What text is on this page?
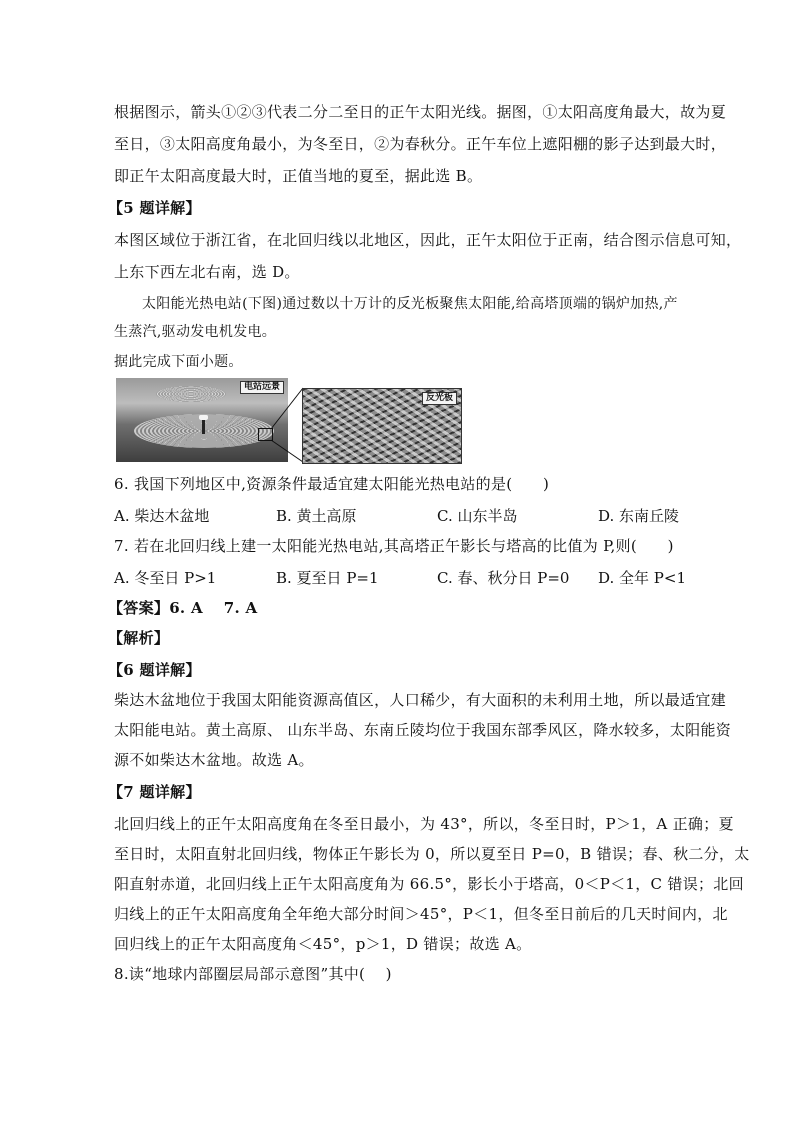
根据图示，箭头①②③代表二分二至日的正午太阳光线。据图，①太阳高度角最大，故为夏
至日，③太阳高度角最小，为冬至日，②为春秋分。正午车位上遮阳棚的影子达到最大时，
即正午太阳高度最大时，正值当地的夏至，据此选 B。
【5 题详解】
本图区域位于浙江省，在北回归线以北地区，因此，正午太阳位于正南，结合图示信息可知，
上东下西左北右南，选 D。
太阳能光热电站(下图)通过数以十万计的反光板聚焦太阳能,给高塔顶端的锅炉加热,产
生蒸汽,驱动发电机发电。
据此完成下面小题。
电站远景
反光板
6. 我国下列地区中,资源条件最适宜建太阳能光热电站的是(　　)
A. 柴达木盆地	B. 黄土高原	C. 山东半岛	D. 东南丘陵
7. 若在北回归线上建一太阳能光热电站,其高塔正午影长与塔高的比值为 P,则(　　)
A. 冬至日 P>1	B. 夏至日 P=1	C. 春、秋分日 P=0 D. 全年 P<1
【答案】6. A　 7. A
【解析】
【6 题详解】
柴达木盆地位于我国太阳能资源高值区，人口稀少，有大面积的未利用土地，所以最适宜建
太阳能电站。黄土高原、 山东半岛、东南丘陵均位于我国东部季风区，降水较多，太阳能资
源不如柴达木盆地。故选 A。
【7 题详解】
北回归线上的正午太阳高度角在冬至日最小，为 43°，所以，冬至日时，P＞1，A 正确；夏
至日时，太阳直射北回归线，物体正午影长为 0，所以夏至日 P=0，B 错误；春、秋二分，太
阳直射赤道，北回归线上正午太阳高度角为 66.5°，影长小于塔高，0＜P＜1，C 错误；北回
归线上的正午太阳高度角全年绝大部分时间＞45°，P＜1，但冬至日前后的几天时间内，北
回归线上的正午太阳高度角＜45°，p＞1，D 错误；故选 A。
8.读“地球内部圈层局部示意图”其中(　 )
